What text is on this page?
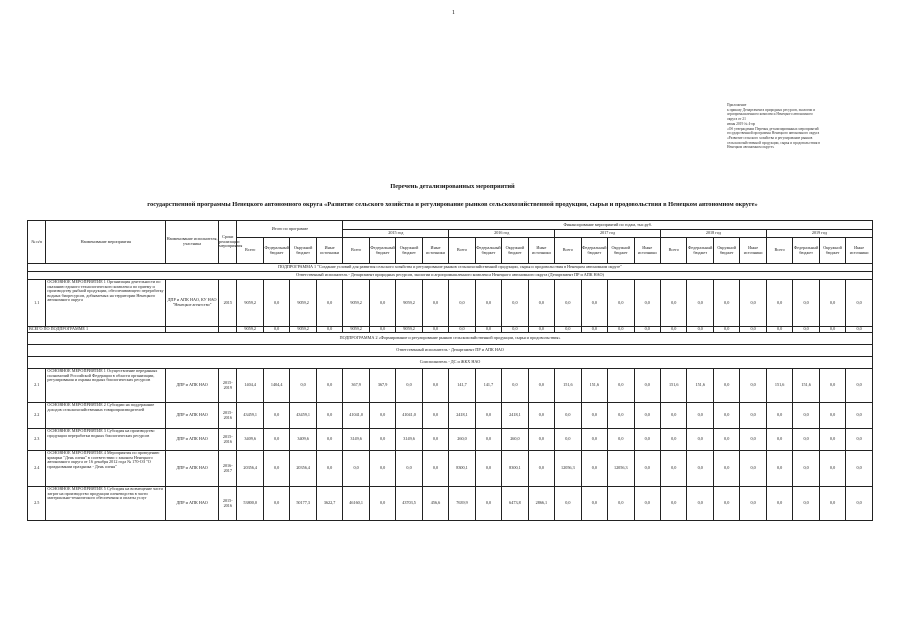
1
Приложение
к приказу Департамента природных ресурсов, экологии и
агропромышленного комплекса Ненецкого автономного
округа от 21
июня 2019 № 4-пр
«Об утверждении Перечня детализированных мероприятий
государственной программы Ненецкого автономного округа
«Развитие сельского хозяйства и регулирование рынков
сельскохозяйственной продукции, сырья и продовольствия в
Ненецком автономном округе»
Перечень детализированных мероприятий
государственной программы Ненецкого автономного округа «Развитие сельского хозяйства и регулирование рынков сельскохозяйственной продукции, сырья и продовольствия в Ненецком автономном округе»
№ п/п	Наименование мероприятия	Наименование исполнителя, участника	Сроки реализации мероприятия	Итого по программе				Финансирование мероприятий по годам, тыс.руб.																			
								2015 год				2016 год				2017 год				2018 год				2019 год			
				Всего	Федеральный бюджет	Окружной бюджет	Иные источники	Всего	Федеральный бюджет	Окружной бюджет	Иные источники	Всего	Федеральный бюджет	Окружной бюджет	Иные источники	Всего	Федеральный бюджет	Окружной бюджет	Иные источники	Всего	Федеральный бюджет	Окружной бюджет	Иные источники	Всего	Федеральный бюджет	Окружной бюджет	Иные источники
ПОДПРОГРАММА 1 "Создание условий для развития сельского хозяйства и регулирование рынков сельскохозяйственной продукции, сырья и продовольствия в Ненецком автономном округе"																											
Ответственный исполнитель - Департамент природных ресурсов, экологии и агропромышленного комплекса Ненецкого автономного округа (Департамент ПР и АПК НАО)																											
1.1	ОСНОВНОЕ МЕРОПРИЯТИЕ 1 Организация деятельности по оказанию единого технологического комплекса по приему и производству рыбной продукции, обеспечивающего переработку водных биоресурсов, добываемых на территории Ненецкого автономного округа	ДПР и АПК НАО, КУ НАО "Ненецкое агентство"	2015	9059,2	0,0	9059,2	0,0	9059,2	0,0	9059,2	0,0	0,0	0,0	0,0	0,0	0,0	0,0	0,0	0,0	0,0	0,0	0,0	0,0	0,0	0,0	0,0	0,0
ВСЕГО ПО ПОДПРОГРАММЕ 1				9059,2	0,0	9059,2	0,0	9059,2	0,0	9059,2	0,0	0,0	0,0	0,0	0,0	0,0	0,0	0,0	0,0	0,0	0,0	0,0	0,0	0,0	0,0	0,0	0,0
ПОДПРОГРАММА 2 «Формирование и регулирование рынков сельскохозяйственной продукции, сырья и продовольствия»																											
Ответственный исполнитель - Департамент ПР и АПК НАО																											
Соисполнитель - ДС и ЖКХ НАО																											
2.1	ОСНОВНОЕ МЕРОПРИЯТИЕ 1 Осуществление переданных полномочий Российской Федерации в области организации, регулирования и охраны водных биологических ресурсов	ДПР и АПК НАО	2015-2019	1404,4	1404,4	0,0	0,0	367,9	367,9	0,0	0,0	141,7	141,7	0,0	0,0	151,6	151,6	0,0	0,0	151,6	151,6	0,0	0,0	151,6	151,6	0,0	0,0
2.2	ОСНОВНОЕ МЕРОПРИЯТИЕ 2 Субсидии на поддержание доходов сельскохозяйственных товаропроизводителей	ДПР и АПК НАО	2015-2016	43459,1	0,0	43459,1	0,0	41041,0	0,0	41041,0	0,0	2418,1	0,0	2418,1	0,0	0,0	0,0	0,0	0,0	0,0	0,0	0,0	0,0	0,0	0,0	0,0	0,0
2.3	ОСНОВНОЕ МЕРОПРИЯТИЕ 3 Субсидия на производство продукции переработки водных биологических ресурсов	ДПР и АПК НАО	2015-2016	3409,6	0,0	3409,6	0,0	3149,6	0,0	3149,6	0,0	260,0	0,0	260,0	0,0	0,0	0,0	0,0	0,0	0,0	0,0	0,0	0,0	0,0	0,0	0,0	0,0
2.4	ОСНОВНОЕ МЕРОПРИЯТИЕ 4 Мероприятия по проведению ярмарки "День оленя" в соответствии с законом Ненецкого автономного округа от 16 декабря 2012 года № 170-ОЗ "О праздновании праздника - День оленя"	ДПР и АПК НАО	2016-2017	20356,4	0,0	20356,4	0,0	0,0	0,0	0,0	0,0	8300,1	0,0	8300,1	0,0	12056,3	0,0	12056,3	0,0	0,0	0,0	0,0	0,0	0,0	0,0	0,0	0,0
2.5	ОСНОВНОЕ МЕРОПРИЯТИЕ 5 Субсидия на возмещение части затрат на производство продукции оленеводства в части материально-технического обеспечения и оплаты услуг	ДПР и АПК НАО	2015-2016	53800,0	0,0	50177,3	3622,7	46160,1	0,0	43703,5	456,6	7639,9	0,0	6473,8	2866,1	0,0	0,0	0,0	0,0	0,0	0,0	0,0	0,0	0,0	0,0	0,0	0,0
